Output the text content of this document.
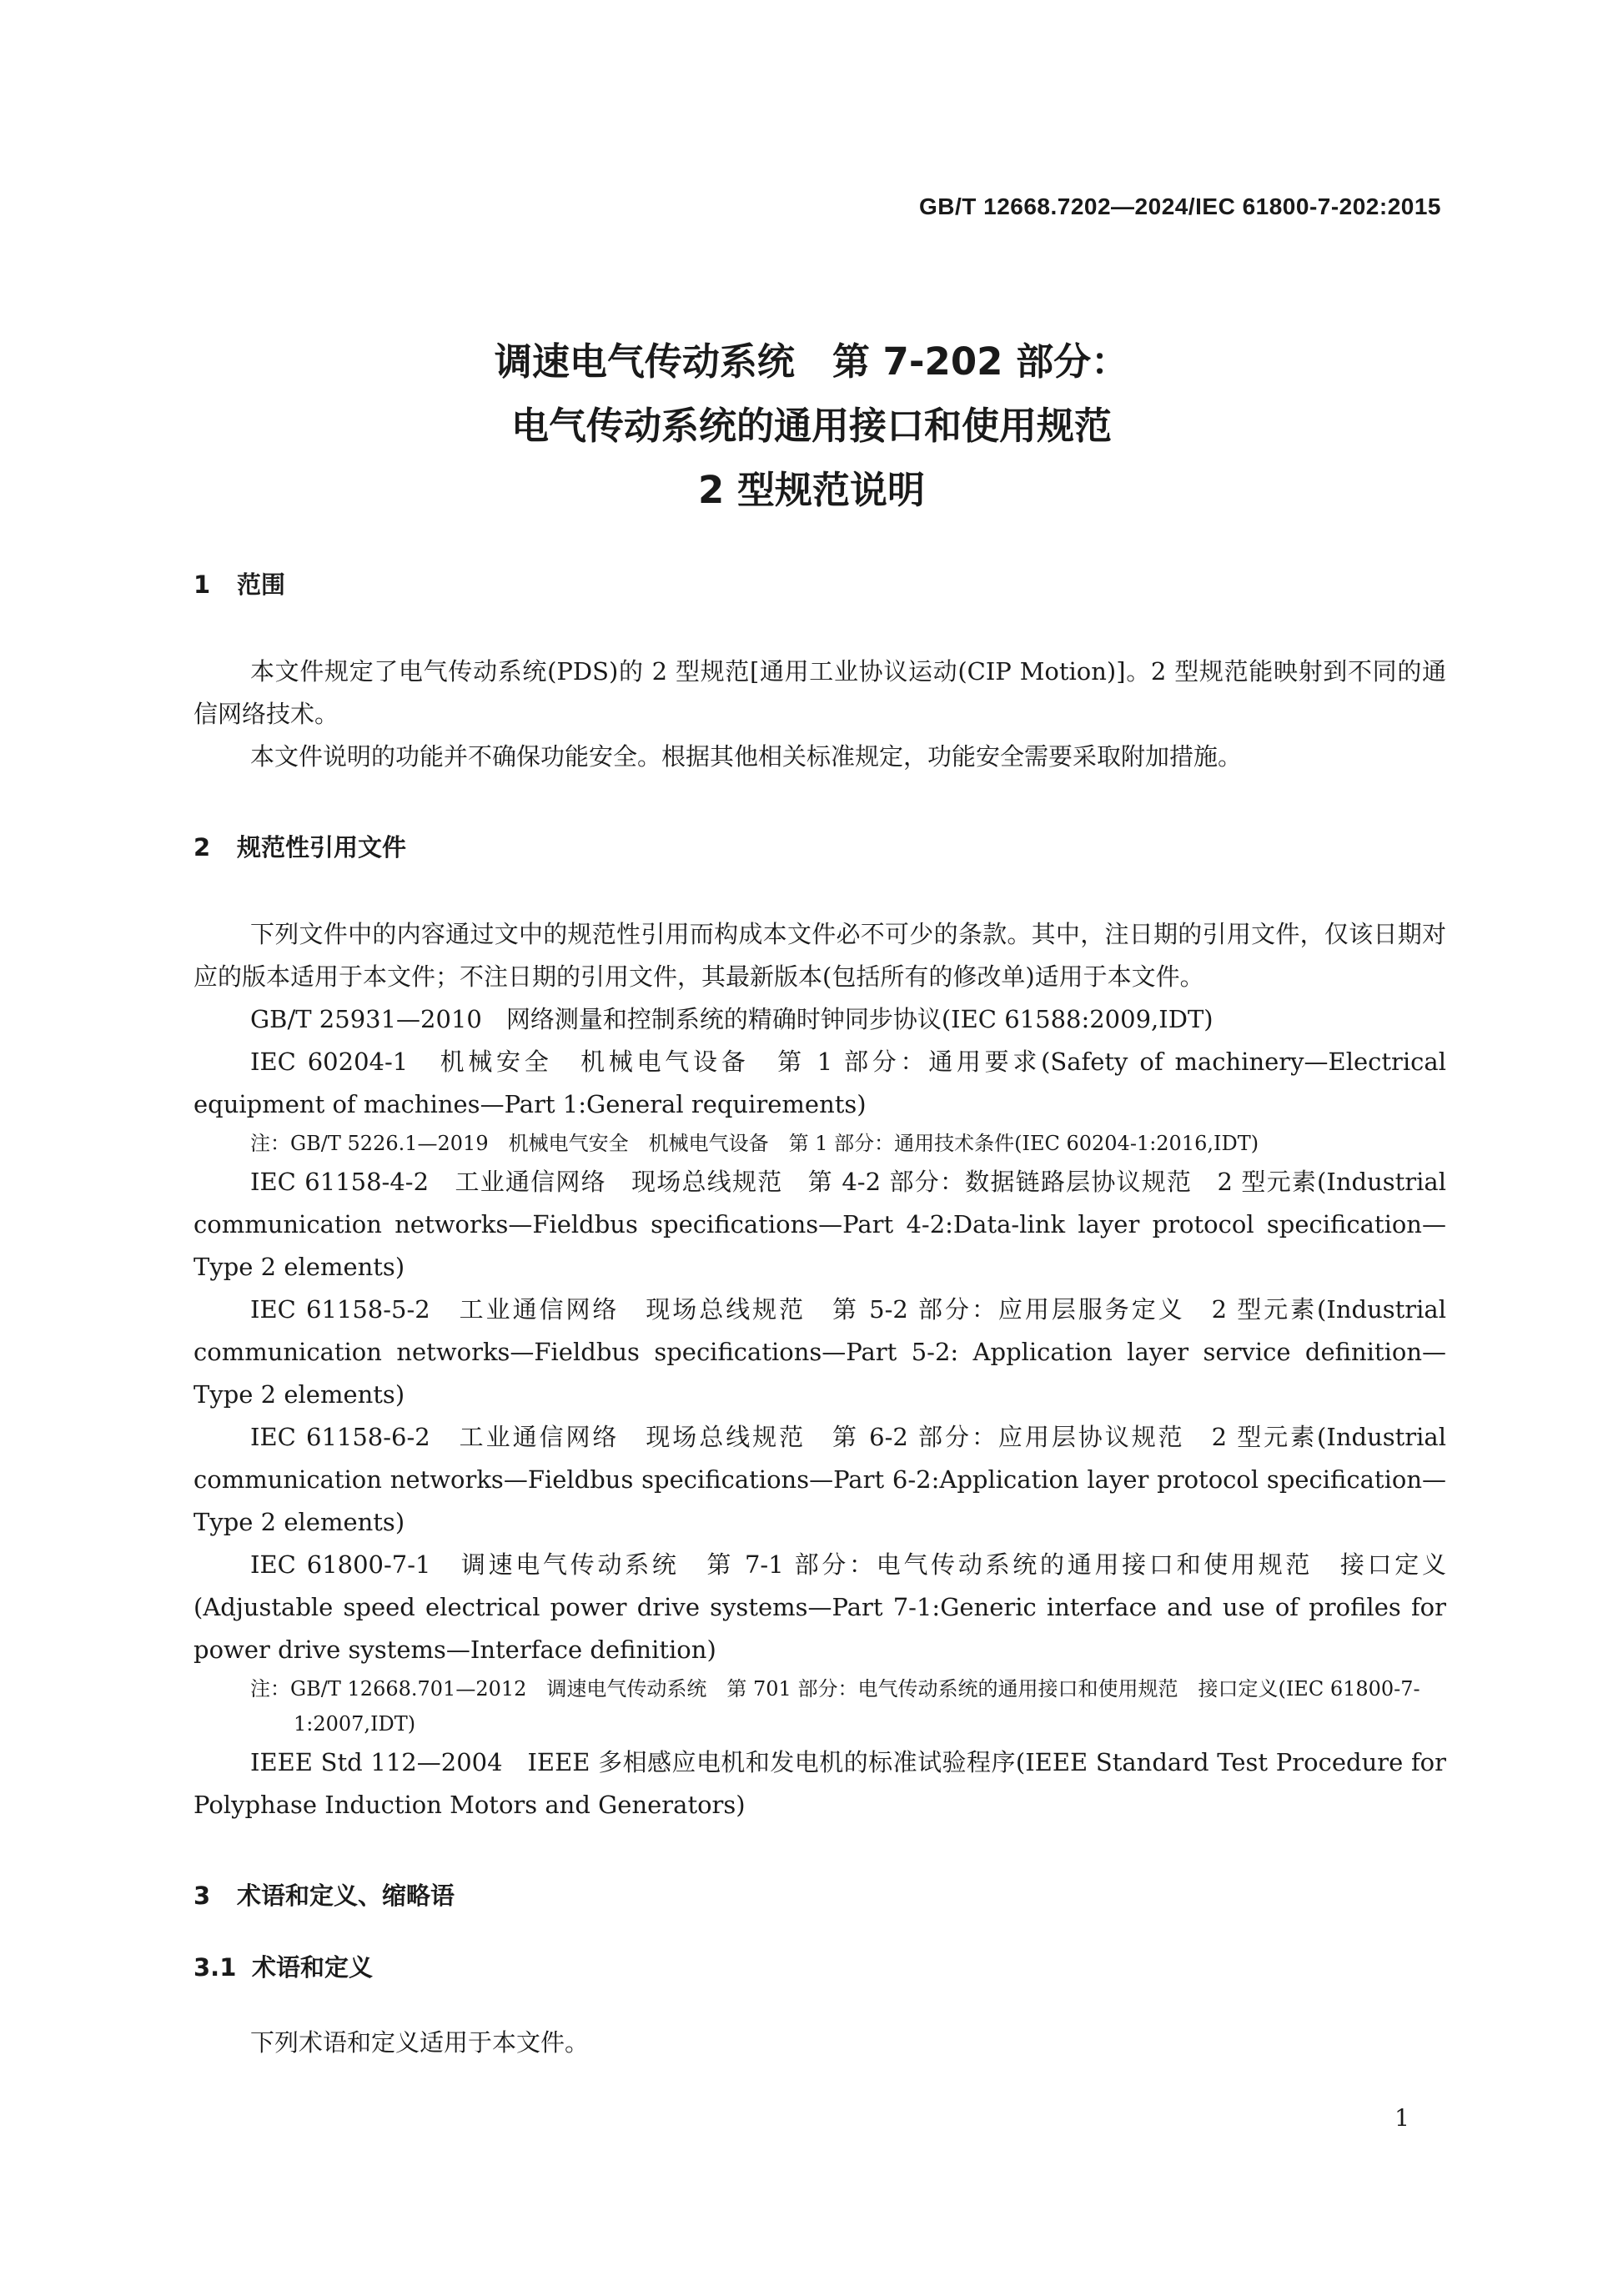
GB/T 12668.7202—2024/IEC 61800-7-202:2015
调速电气传动系统　第 7-202 部分：
电气传动系统的通用接口和使用规范
2 型规范说明
1 范围

本文件规定了电气传动系统(PDS)的 2 型规范[通用工业协议运动(CIP Motion)]。2 型规范能映射到不同的通信网络技术。

本文件说明的功能并不确保功能安全。根据其他相关标准规定，功能安全需要采取附加措施。

2 规范性引用文件

下列文件中的内容通过文中的规范性引用而构成本文件必不可少的条款。其中，注日期的引用文件，仅该日期对应的版本适用于本文件；不注日期的引用文件，其最新版本(包括所有的修改单)适用于本文件。

GB/T 25931—2010　网络测量和控制系统的精确时钟同步协议(IEC 61588:2009,IDT)

IEC 60204-1　机械安全　机械电气设备　第 1 部分：通用要求(Safety of machinery—Electrical equipment of machines—Part 1:General requirements)

注：GB/T 5226.1—2019　机械电气安全　机械电气设备　第 1 部分：通用技术条件(IEC 60204-1:2016,IDT)

IEC 61158-4-2　工业通信网络　现场总线规范　第 4-2 部分：数据链路层协议规范　2 型元素(Industrial communication networks—Fieldbus specifications—Part 4-2:Data-link layer protocol specification—Type 2 elements)

IEC 61158-5-2　工业通信网络　现场总线规范　第 5-2 部分：应用层服务定义　2 型元素(Industrial communication networks—Fieldbus specifications—Part 5-2: Application layer service definition—Type 2 elements)

IEC 61158-6-2　工业通信网络　现场总线规范　第 6-2 部分：应用层协议规范　2 型元素(Industrial communication networks—Fieldbus specifications—Part 6-2:Application layer protocol specification—Type 2 elements)

IEC 61800-7-1　调速电气传动系统　第 7-1 部分：电气传动系统的通用接口和使用规范　接口定义(Adjustable speed electrical power drive systems—Part 7-1:Generic interface and use of profiles for power drive systems—Interface definition)

注：GB/T 12668.701—2012　调速电气传动系统　第 701 部分：电气传动系统的通用接口和使用规范　接口定义(IEC 61800-7-1:2007,IDT)

IEEE Std 112—2004　IEEE 多相感应电机和发电机的标准试验程序(IEEE Standard Test Procedure for Polyphase Induction Motors and Generators)

3 术语和定义、缩略语
3.1 术语和定义

下列术语和定义适用于本文件。

1
